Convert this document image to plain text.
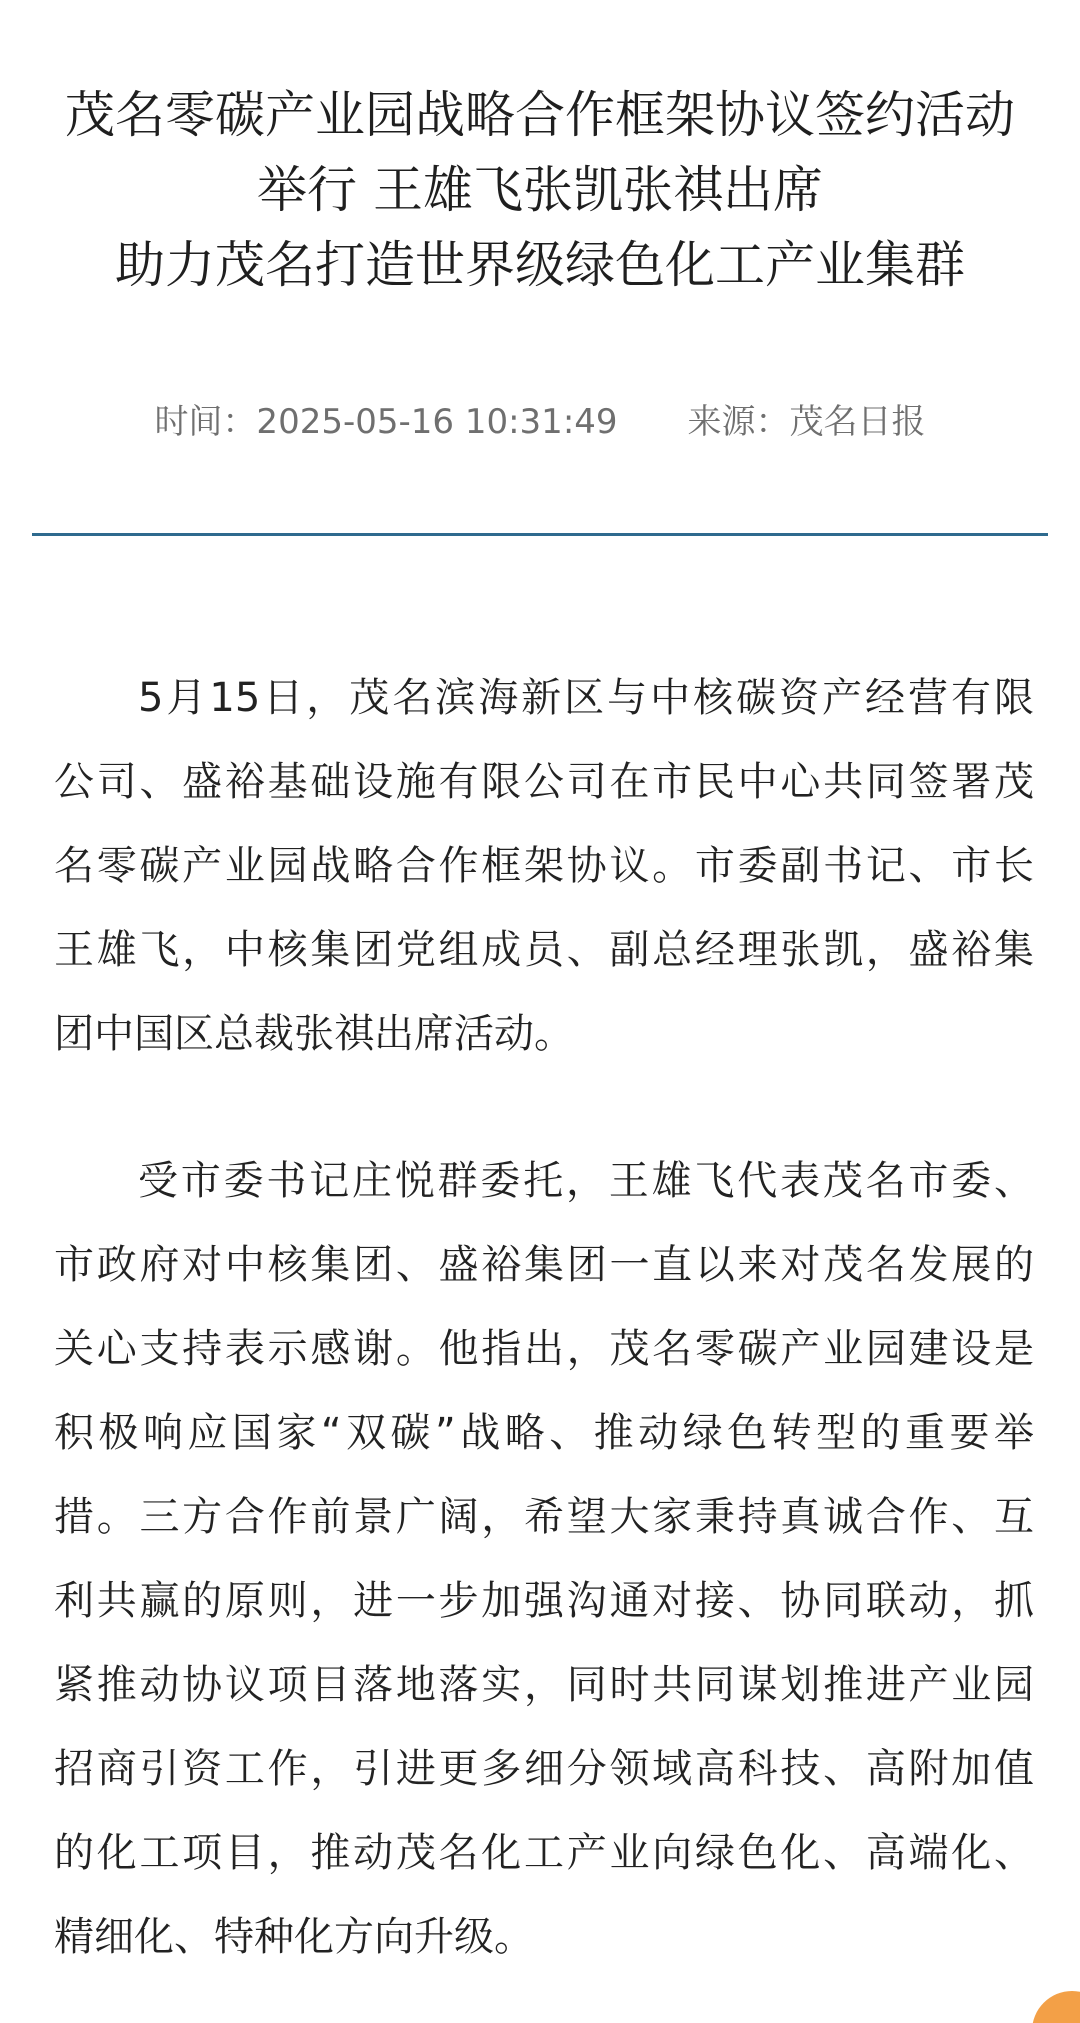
茂名零碳产业园战略合作框架协议签约活动
举行 王雄飞张凯张祺出席
助力茂名打造世界级绿色化工产业集群
时间：2025-05-16 10:31:49 来源：茂名日报

5月15日，茂名滨海新区与中核碳资产经营有限
公司、盛裕基础设施有限公司在市民中心共同签署茂
名零碳产业园战略合作框架协议。市委副书记、市长
王雄飞，中核集团党组成员、副总经理张凯，盛裕集
团中国区总裁张祺出席活动。

受市委书记庄悦群委托，王雄飞代表茂名市委、
市政府对中核集团、盛裕集团一直以来对茂名发展的
关心支持表示感谢。他指出，茂名零碳产业园建设是
积极响应国家“双碳”战略、推动绿色转型的重要举
措。三方合作前景广阔，希望大家秉持真诚合作、互
利共赢的原则，进一步加强沟通对接、协同联动，抓
紧推动协议项目落地落实，同时共同谋划推进产业园
招商引资工作，引进更多细分领域高科技、高附加值
的化工项目，推动茂名化工产业向绿色化、高端化、
精细化、特种化方向升级。
